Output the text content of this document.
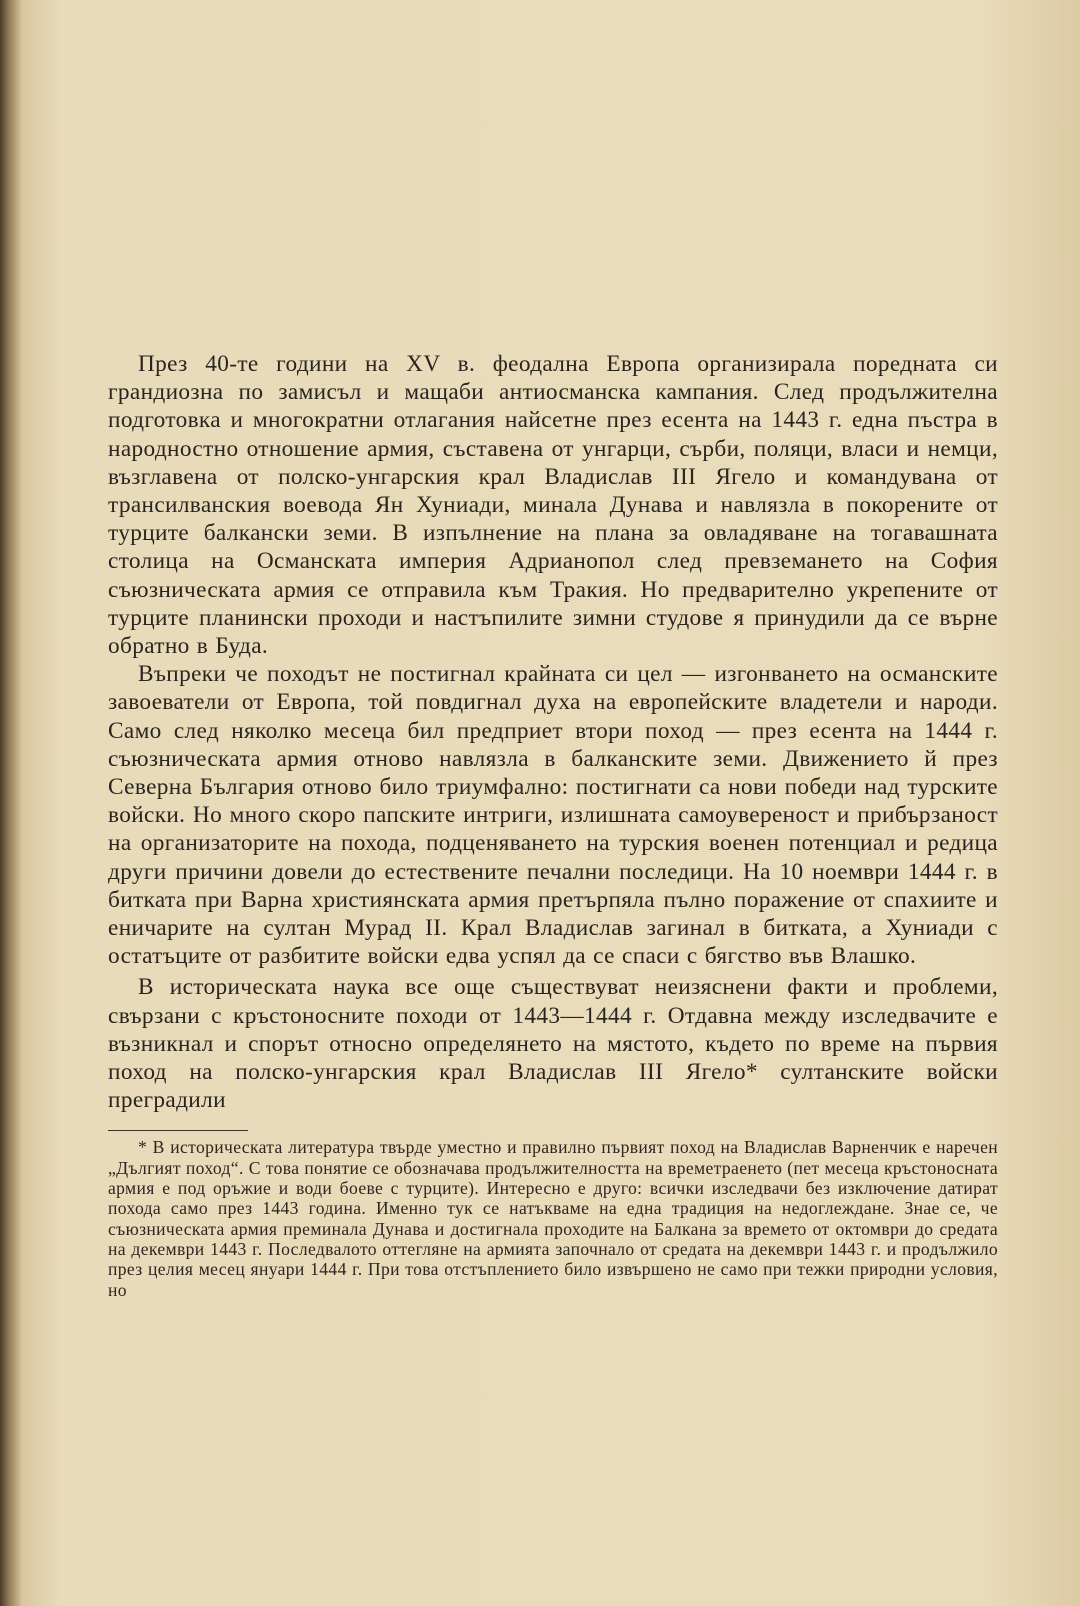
През 40-те години на XV в. феодална Европа организирала поредната си грандиозна по замисъл и мащаби антиосманска кампания. След продължителна подготовка и многократни отлагания найсетне през есента на 1443 г. една пъстра в народностно отношение армия, съставена от унгарци, сърби, поляци, власи и немци, възглавена от полско-унгарския крал Владислав III Ягело и командувана от трансилванския воевода Ян Хуниади, минала Дунава и навлязла в покорените от турците балкански земи. В изпълнение на плана за овладяване на тогавашната столица на Османската империя Адрианопол след превземането на София съюзническата армия се отправила към Тракия. Но предварително укрепените от турците планински проходи и настъпилите зимни студове я принудили да се върне обратно в Буда.

Въпреки че походът не постигнал крайната си цел — изгонването на османските завоеватели от Европа, той повдигнал духа на европейските владетели и народи. Само след няколко месеца бил предприет втори поход — през есента на 1444 г. съюзническата армия отново навлязла в балканските земи. Движението й през Северна България отново било триумфално: постигнати са нови победи над турските войски. Но много скоро папските интриги, излишната самоувереност и прибързаност на организаторите на похода, подценяването на турския военен потенциал и редица други причини довели до естествените печални последици. На 10 ноември 1444 г. в битката при Варна християнската армия претърпяла пълно поражение от спахиите и еничарите на султан Мурад II. Крал Владислав загинал в битката, а Хуниади с остатъците от разбитите войски едва успял да се спаси с бягство във Влашко.

В историческата наука все още съществуват неизяснени факти и проблеми, свързани с кръстоносните походи от 1443—1444 г. Отдавна между изследвачите е възникнал и спорът относно определянето на мястото, където по време на първия поход на полско-унгарския крал Владислав III Ягело* султанските войски преградили

* В историческата литература твърде уместно и правилно първият поход на Владислав Варненчик е наречен „Дългият поход“. С това понятие се обозначава продължителността на времетраенето (пет месеца кръстоносната армия е под оръжие и води боеве с турците). Интересно е друго: всички изследвачи без изключение датират похода само през 1443 година. Именно тук се натъкваме на една традиция на недоглеждане. Знае се, че съюзническата армия преминала Дунава и достигнала проходите на Балкана за времето от октомври до средата на декември 1443 г. Последвалото оттегляне на армията започнало от средата на декември 1443 г. и продължило през целия месец януари 1444 г. При това отстъплението било извършено не само при тежки природни условия, но
